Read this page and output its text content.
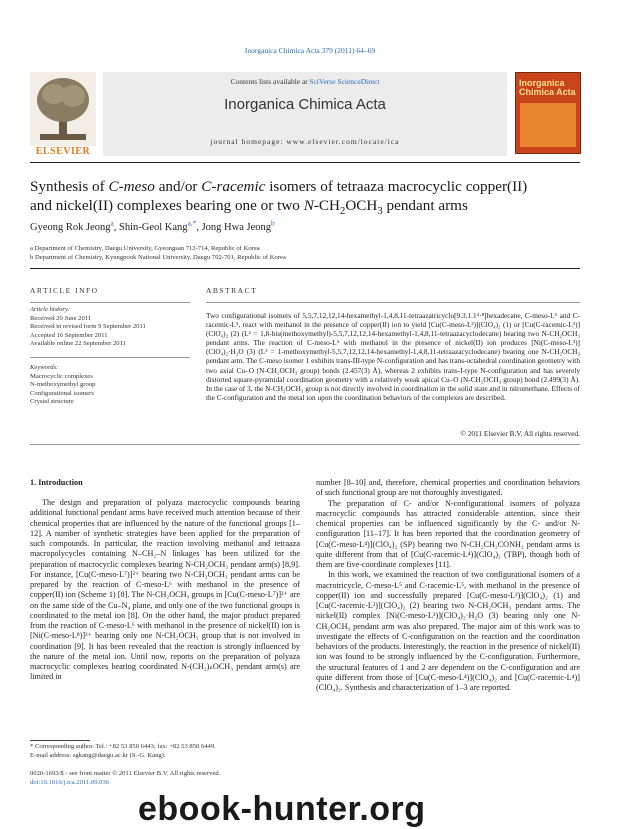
Inorganica Chimica Acta 379 (2011) 64–69
Contents lists available at SciVerse ScienceDirect
Inorganica Chimica Acta
journal homepage: www.elsevier.com/locate/ica
ELSEVIER
Inorganica Chimica Acta
Synthesis of C-meso and/or C-racemic isomers of tetraaza macrocyclic copper(II)
and nickel(II) complexes bearing one or two $N-CH_2OCH_3$ pendant arms
Gyeong Rok Jeong$^a$, Shin-Geol Kang$^{a,*}$, Jong Hwa Jeong$^b$
a Department of Chemistry, Daegu University, Gyeongsan 712-714, Republic of Korea
b Department of Chemistry, Kyungpook National University, Daegu 702-701, Republic of Korea
ARTICLE INFO
Article history:
Received 20 June 2011
Received in revised form 9 September 2011
Accepted 16 September 2011
Available online 22 September 2011
Keywords:
Macrocyclic complexes
N-methoxymethyl group
Configurational isomers
Crystal structure
ABSTRACT
Two configurational isomers of 5,5,7,12,12,14-hexamethyl-1,4,8,11-tetraazatricyclo[9.3.1.1⁴·⁸]hexadecane, C-meso-L⁵ and C-racemic-L⁵, react with methanol in the presence of copper(II) ion to yield [Cu(C-meso-L²)](ClO₄)₂ (1) or [Cu(C-racemic-L²)](ClO₄)₂ (2) (L² = 1,8-bis(methoxymethyl)-5,5,7,12,12,14-hexamethyl-1,4,8,11-tetraazacyclodecane) bearing two N-CH₂OCH₃ pendant arms. The reaction of C-meso-L⁵ with methanol in the presence of nickel(II) ion produces [Ni(C-meso-L³)](ClO₄)₂·H₂O (3) (L³ = 1-methoxymethyl-5,5,7,12,12,14-hexamethyl-1,4,8,11-tetraazacyclodecane) bearing one N-CH₂OCH₃ pendant arm. The C-meso isomer 1 exhibits trans-III-type N-configuration and has trans-octahedral coordination geometry with two axial Cu–O (N-CH₂OCH₃ group) bonds (2.457(3) Å), whereas 2 exhibits trans-I-type N-configuration and has severely distorted square-pyramidal coordination geometry with a relatively weak apical Cu–O (N-CH₂OCH₃ group) bond (2.499(3) Å). In the case of 3, the N-CH₂OCH₃ group is not directly involved in coordination in the solid state and in nitromethane. Effects of the C-configuration and the metal ion upon the coordination behaviors of the complexes are described.
© 2011 Elsevier B.V. All rights reserved.
1. Introduction

The design and preparation of polyaza macrocyclic compounds bearing additional functional pendant arms have received much attention because of their chemical properties that are influenced by the nature of the functional groups [1–12]. A number of synthetic strategies have been applied for the preparation of such compounds. In particular, the reaction involving methanol and tetraaza macropolycycles containing N–CH₂–N linkages has been utilized for the preparation of macrocyclic complexes bearing N-CH₂OCH₃ pendant arm(s) [8,9]. For instance, [Cu(C-meso-L⁷)]²⁺ bearing two N-CH₂OCH₃ pendant arms can be prepared by the reaction of C-meso-L⁶ with methanol in the presence of copper(II) ion (Scheme 1) [8]. The N-CH₂OCH₃ groups in [Cu(C-meso-L⁷)]²⁺ are on the same side of the Cu–N₄ plane, and only one of the two functional groups is coordinated to the metal ion [8]. On the other hand, the major product prepared from the reaction of C-meso-L⁶ with methanol in the presence of nickel(II) ion is [Ni(C-meso-L⁸)]²⁺ bearing only one N-CH₂OCH₃ group that is not involved in coordination [9]. It has been revealed that the reaction is strongly influenced by the nature of the metal ion. Until now, reports on the preparation of polyaza macrocyclic complexes bearing coordinated N-(CH₂)ₙOCH₃ pendant arm(s) are limited in

number [8–10] and, therefore, chemical properties and coordination behaviors of such functional group are not thoroughly investigated.

The preparation of C- and/or N-configurational isomers of polyaza macrocyclic compounds has attracted considerable attention, since their chemical properties can be influenced significantly by the C- and/or N-configuration [11–17]. It has been reported that the coordination geometry of [Cu(C-meso-L⁴)](ClO₄)₂ (SP) bearing two N-CH₂CH₂CONH₂ pendant arms is quite different from that of [Cu(C-racemic-L⁴)](ClO₄)₂ (TBP), though both of them are five-coordinate complexes [11].

In this work, we examined the reaction of two configurational isomers of a macrotricycle, C-meso-L⁵ and C-racemic-L⁵, with methanol in the presence of copper(II) ion and successfully prepared [Cu(C-meso-L²)](ClO₄)₂ (1) and [Cu(C-racemic-L²)](ClO₄)₂ (2) bearing two N-CH₂OCH₃ pendant arms. The nickel(II) complex [Ni(C-meso-L³)](ClO₄)₂·H₂O (3) bearing only one N-CH₂OCH₃ pendant arm was also prepared. The major aim of this work was to investigate the effects of C-configuration on the reaction and the coordination behaviors of the products. Interestingly, the reaction in the presence of nickel(II) ion was found to be strongly influenced by the C-configuration. Furthermore, the structural features of 1 and 2 are dependent on the C-configuration and are quite different from those of [Cu(C-meso-L⁴)](ClO₄)₂ and [Cu(C-racemic-L⁴)](ClO₄)₂. Synthesis and characterization of 1–3 are reported.

* Corresponding author. Tel.: +82 53 850 6443; fax: +82 53 850 6449.
E-mail address: sgkang@daegu.ac.kr (S.-G. Kang).
0020-1693/$ - see front matter © 2011 Elsevier B.V. All rights reserved.
doi:10.1016/j.ica.2011.09.036
ebook-hunter.org
